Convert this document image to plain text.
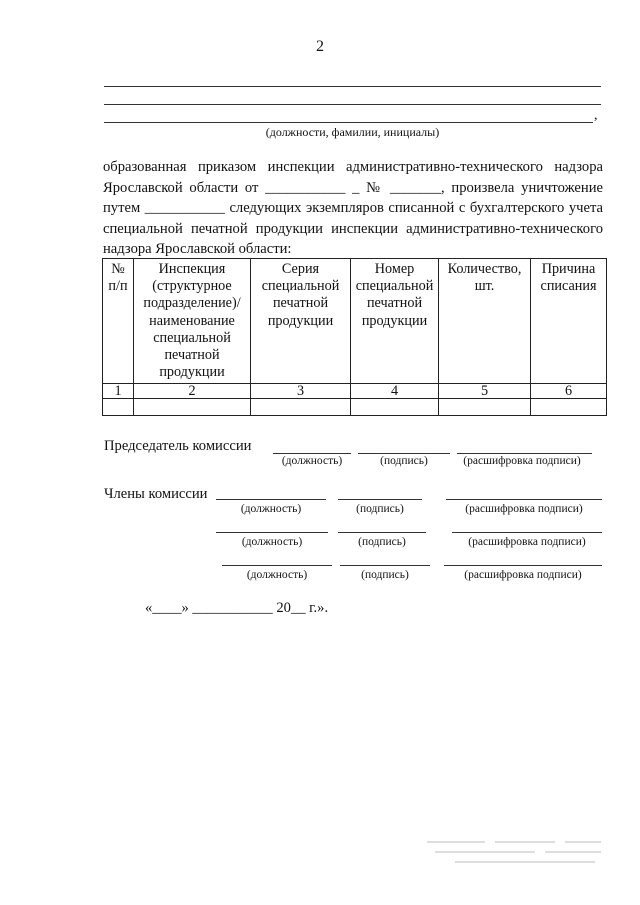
2
,
(должности, фамилии, инициалы)

образованная приказом инспекции административно-технического надзора Ярославской области от ___________ _ № _______, произвела уничтожение путем ___________ следующих экземпляров списанной с бухгалтерского учета специальной печатной продукции инспекции административно-технического надзора Ярославской области:

№ п/п	Инспекция (структурное подразделение)/ наименование специальной печатной продукции	Серия специальной печатной продукции	Номер специальной печатной продукции	Количество, шт.	Причина списания
1	2	3	4	5	6

Председатель комиссии
(должность)	(подпись)	(расшифровка подписи)
Члены комиссии
(должность)	(подпись)	(расшифровка подписи)
(должность)	(подпись)	(расшифровка подписи)
(должность)	(подпись)	(расшифровка подписи)
«____» ___________ 20__ г.».
